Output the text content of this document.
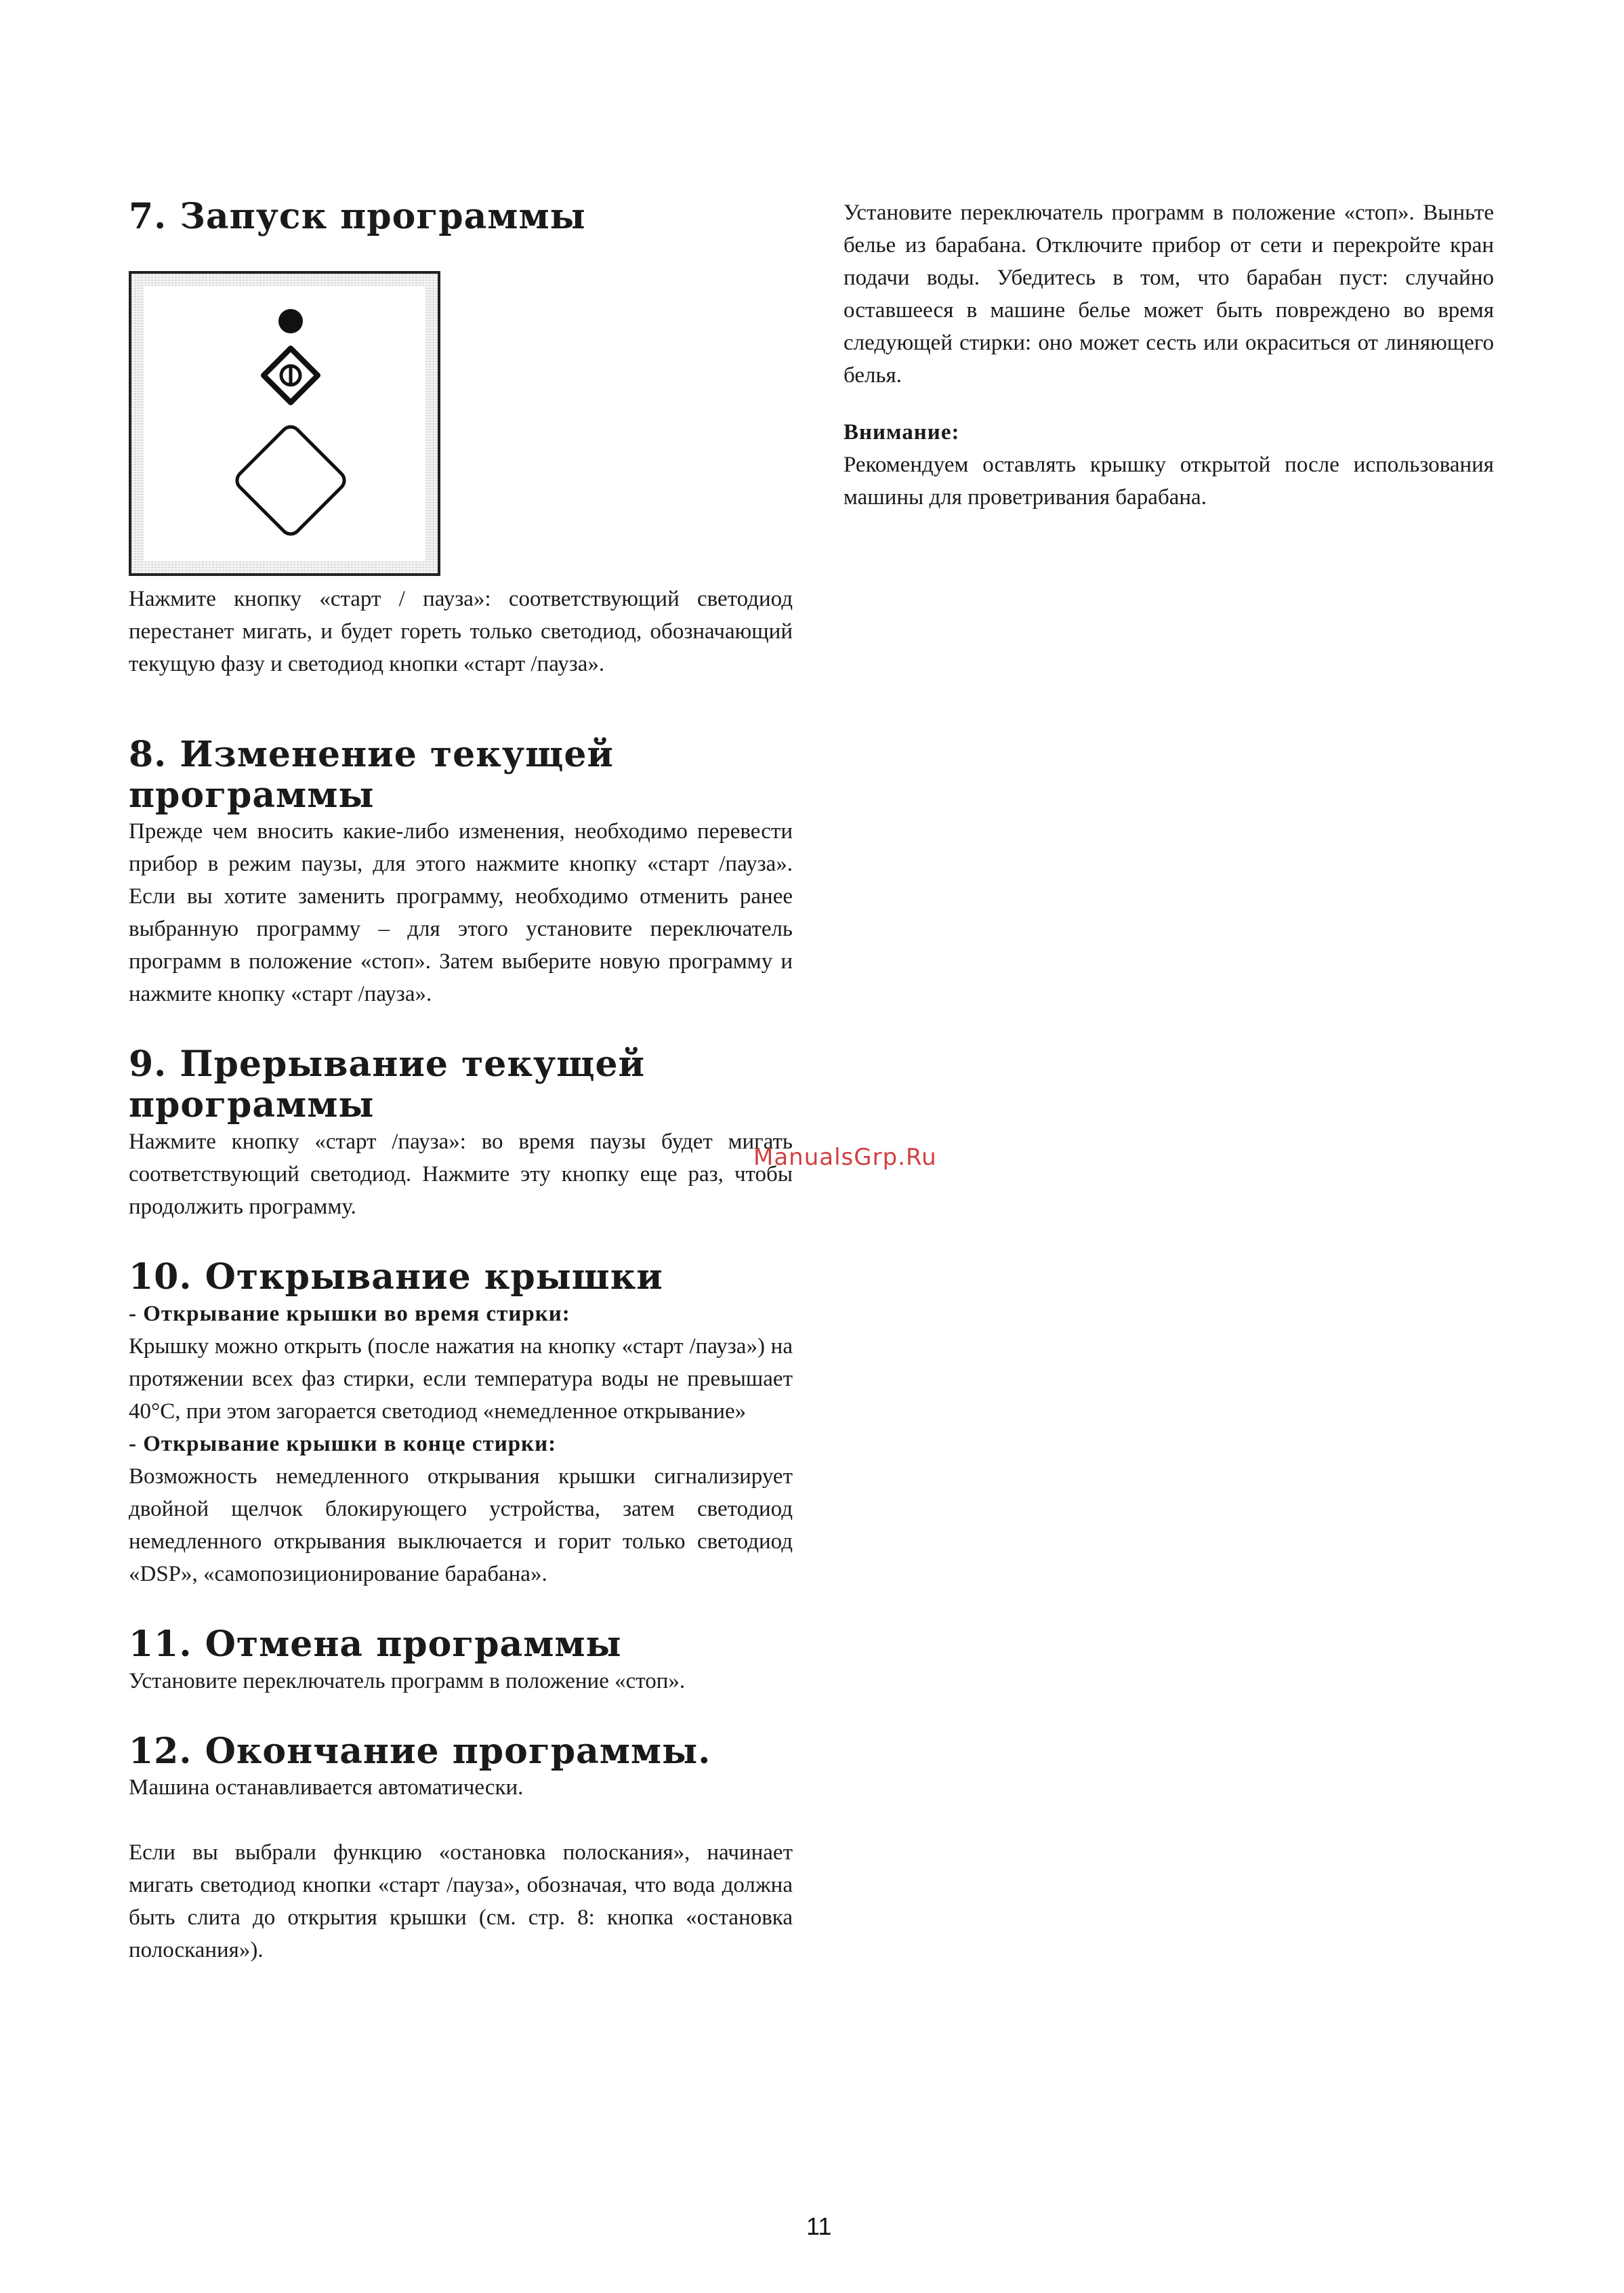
7. Запуск программы

Нажмите кнопку «старт / пауза»: соответствующий светодиод перестанет мигать, и будет гореть только светодиод, обозначающий текущую фазу и светодиод кнопки «старт /пауза».

8. Изменение текущей программы

Прежде чем вносить какие-либо изменения, необходимо перевести прибор в режим паузы, для этого нажмите кнопку «старт /пауза». Если вы хотите заменить программу, необходимо отменить ранее выбранную программу – для этого установите переключатель программ в положение «стоп». Затем выберите новую программу и нажмите кнопку «старт /пауза».

9. Прерывание текущей программы

Нажмите кнопку «старт /пауза»: во время паузы будет мигать соответствующий светодиод. Нажмите эту кнопку еще раз, чтобы продолжить программу.

10. Открывание крышки
- Открывание крышки во время стирки:

Крышку можно открыть (после нажатия на кнопку «старт /пауза») на протяжении всех фаз стирки, если температура воды не превышает 40°C, при этом загорается светодиод «немедленное открывание»

- Открывание крышки в конце стирки:

Возможность немедленного открывания крышки сигнализирует двойной щелчок блокирующего устройства, затем светодиод немедленного открывания выключается и горит только светодиод «DSP», «самопозиционирование барабана».

11. Отмена программы

Установите переключатель программ в положение «стоп».

12. Окончание программы.

Машина останавливается автоматически.

Если вы выбрали функцию «остановка полоскания», начинает мигать светодиод кнопки «старт /пауза», обозначая, что вода должна быть слита до открытия крышки (см. стр. 8: кнопка «остановка полоскания»).

Установите переключатель программ в положение «стоп». Выньте белье из барабана. Отключите прибор от сети и перекройте кран подачи воды. Убедитесь в том, что барабан пуст: случайно оставшееся в машине белье может быть повреждено во время следующей стирки: оно может сесть или окраситься от линяющего белья.

Внимание:

Рекомендуем оставлять крышку открытой после использования машины для проветривания барабана.

ManualsGrp.Ru
11
